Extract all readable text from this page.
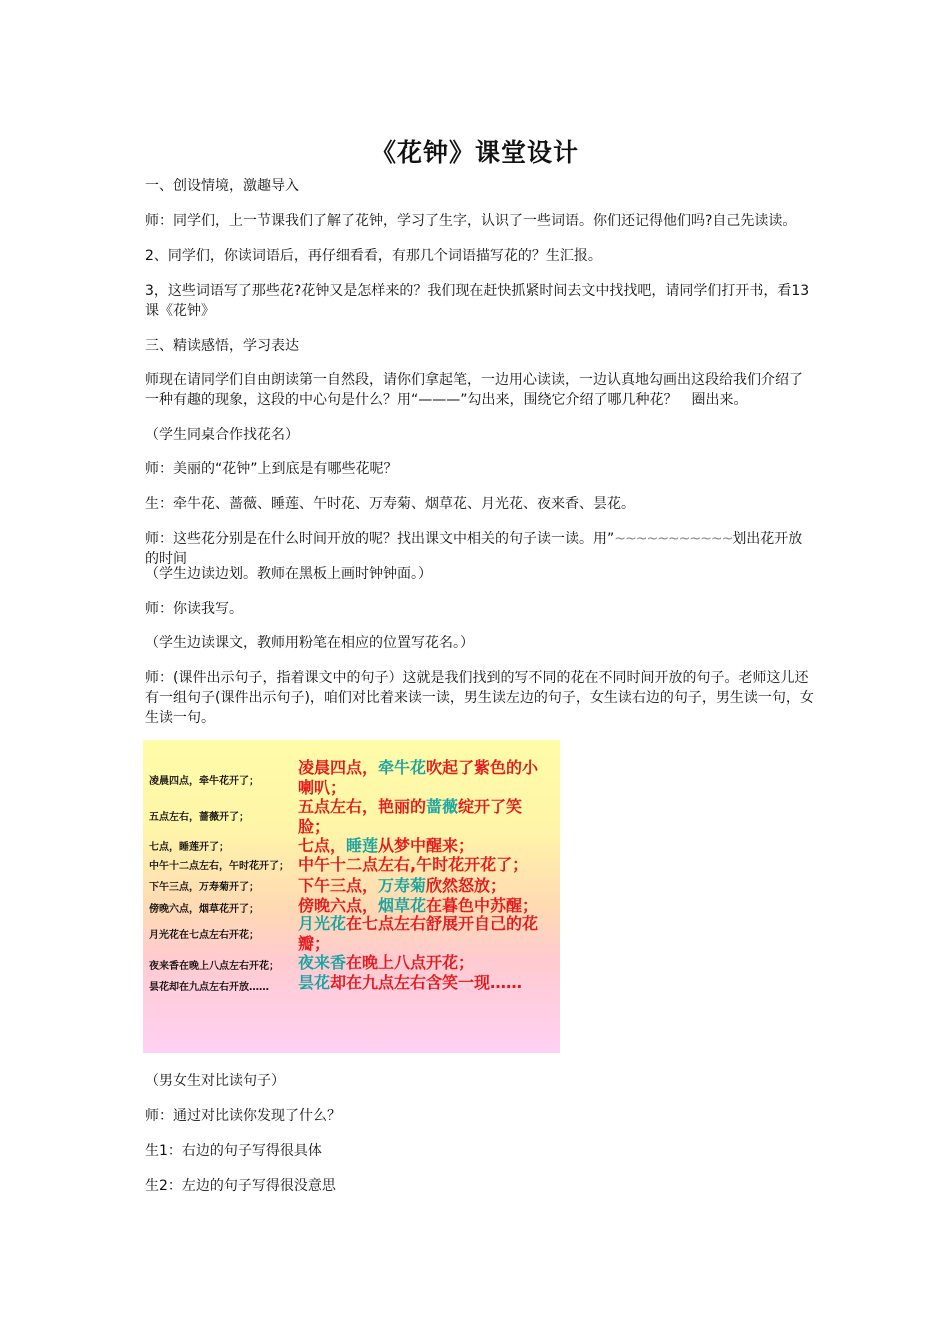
《花钟》课堂设计
一、创设情境，激趣导入
师：同学们，上一节课我们了解了花钟，学习了生字，认识了一些词语。你们还记得他们吗?自己先读读。
2、同学们，你读词语后，再仔细看看，有那几个词语描写花的？生汇报。
3，这些词语写了那些花?花钟又是怎样来的？我们现在赶快抓紧时间去文中找找吧，请同学们打开书，看13课《花钟》
三、精读感悟，学习表达
师现在请同学们自由朗读第一自然段，请你们拿起笔，一边用心读读，一边认真地勾画出这段给我们介绍了一种有趣的现象，这段的中心句是什么？用“———”勾出来，围绕它介绍了哪几种花？　圈出来。
（学生同桌合作找花名）
师：美丽的“花钟”上到底是有哪些花呢？
生：牵牛花、蔷薇、睡莲、午时花、万寿菊、烟草花、月光花、夜来香、昙花。
师：这些花分别是在什么时间开放的呢？找出课文中相关的句子读一读。用”~~~~~~~~~~~划出花开放的时间
（学生边读边划。教师在黑板上画时钟钟面。）
师：你读我写。
（学生边读课文，教师用粉笔在相应的位置写花名。）
师：(课件出示句子，指着课文中的句子）这就是我们找到的写不同的花在不同时间开放的句子。老师这儿还有一组句子(课件出示句子)，咱们对比着来读一读，男生读左边的句子，女生读右边的句子，男生读一句，女生读一句。
凌晨四点，牵牛花开了；
五点左右，蔷薇开了；
七点，睡莲开了；
中午十二点左右，午时花开了；
下午三点，万寿菊开了；
傍晚六点，烟草花开了；
月光花在七点左右开花；
夜来香在晚上八点左右开花；
昙花却在九点左右开放……
凌晨四点，牵牛花吹起了紫色的小喇叭；
五点左右，艳丽的蔷薇绽开了笑脸；
七点，睡莲从梦中醒来；
中午十二点左右,午时花开花了；
下午三点，万寿菊欣然怒放；
傍晚六点，烟草花在暮色中苏醒；
月光花在七点左右舒展开自己的花瓣；
夜来香在晚上八点开花；
昙花却在九点左右含笑一现……
（男女生对比读句子）
师：通过对比读你发现了什么？
生1：右边的句子写得很具体
生2：左边的句子写得很没意思
